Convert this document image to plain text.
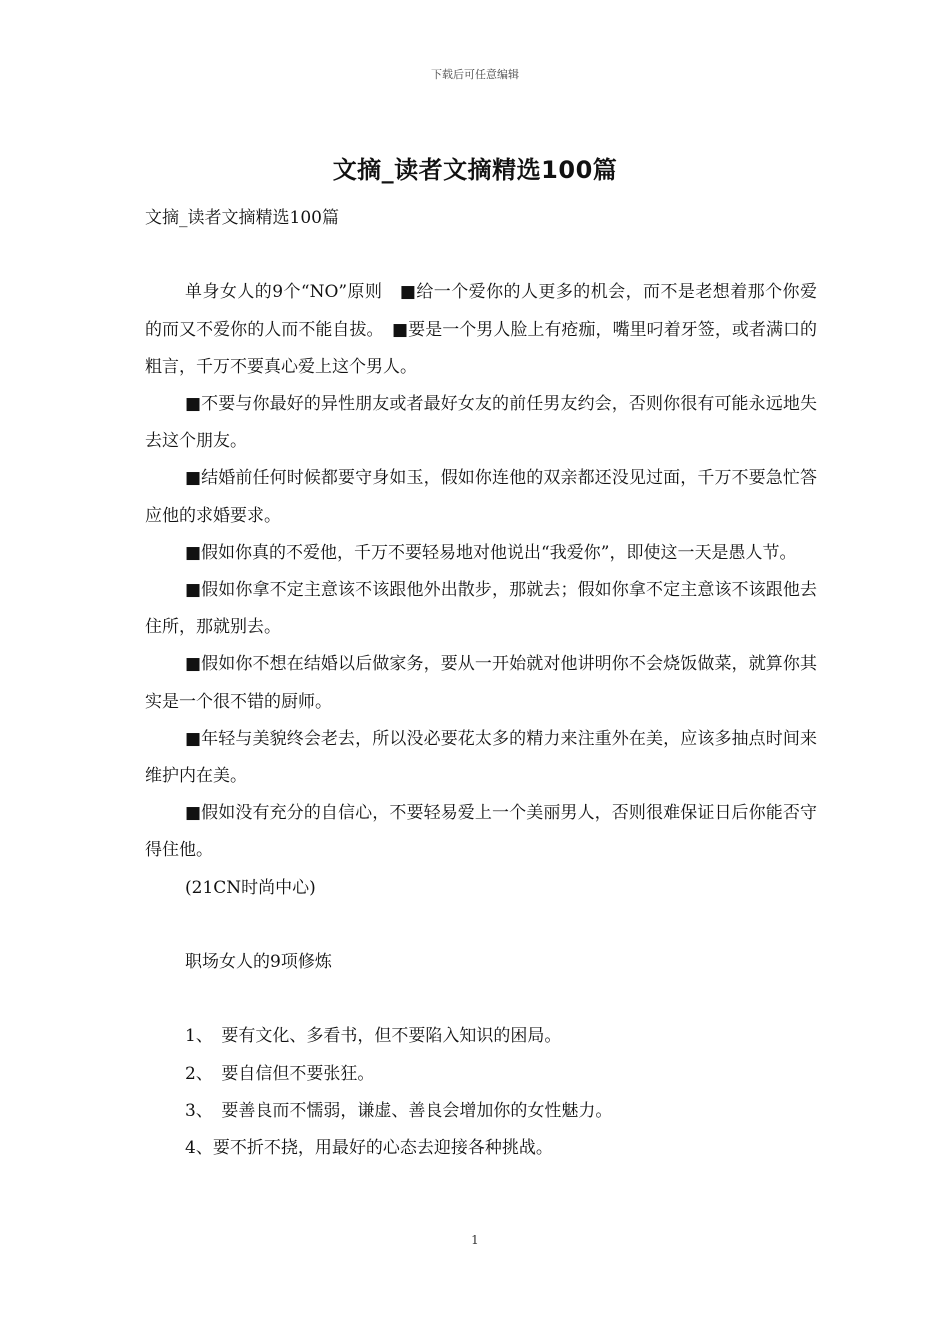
下载后可任意编辑
文摘_读者文摘精选100篇

文摘_读者文摘精选100篇

单身女人的9个“NO”原则　■给一个爱你的人更多的机会，而不是老想着那个你爱的而又不爱你的人而不能自拔。　■要是一个男人脸上有疮痂，嘴里叼着牙签，或者满口的粗言，千万不要真心爱上这个男人。

■不要与你最好的异性朋友或者最好女友的前任男友约会，否则你很有可能永远地失去这个朋友。

■结婚前任何时候都要守身如玉，假如你连他的双亲都还没见过面，千万不要急忙答应他的求婚要求。

■假如你真的不爱他，千万不要轻易地对他说出“我爱你”，即使这一天是愚人节。

■假如你拿不定主意该不该跟他外出散步，那就去；假如你拿不定主意该不该跟他去住所，那就别去。

■假如你不想在结婚以后做家务，要从一开始就对他讲明你不会烧饭做菜，就算你其实是一个很不错的厨师。

■年轻与美貌终会老去，所以没必要花太多的精力来注重外在美，应该多抽点时间来维护内在美。

■假如没有充分的自信心，不要轻易爱上一个美丽男人，否则很难保证日后你能否守得住他。

(21CN时尚中心)

职场女人的9项修炼

1、　要有文化、多看书，但不要陷入知识的困局。

2、　要自信但不要张狂。

3、　要善良而不懦弱，谦虚、善良会增加你的女性魅力。

4、要不折不挠，用最好的心态去迎接各种挑战。

1
